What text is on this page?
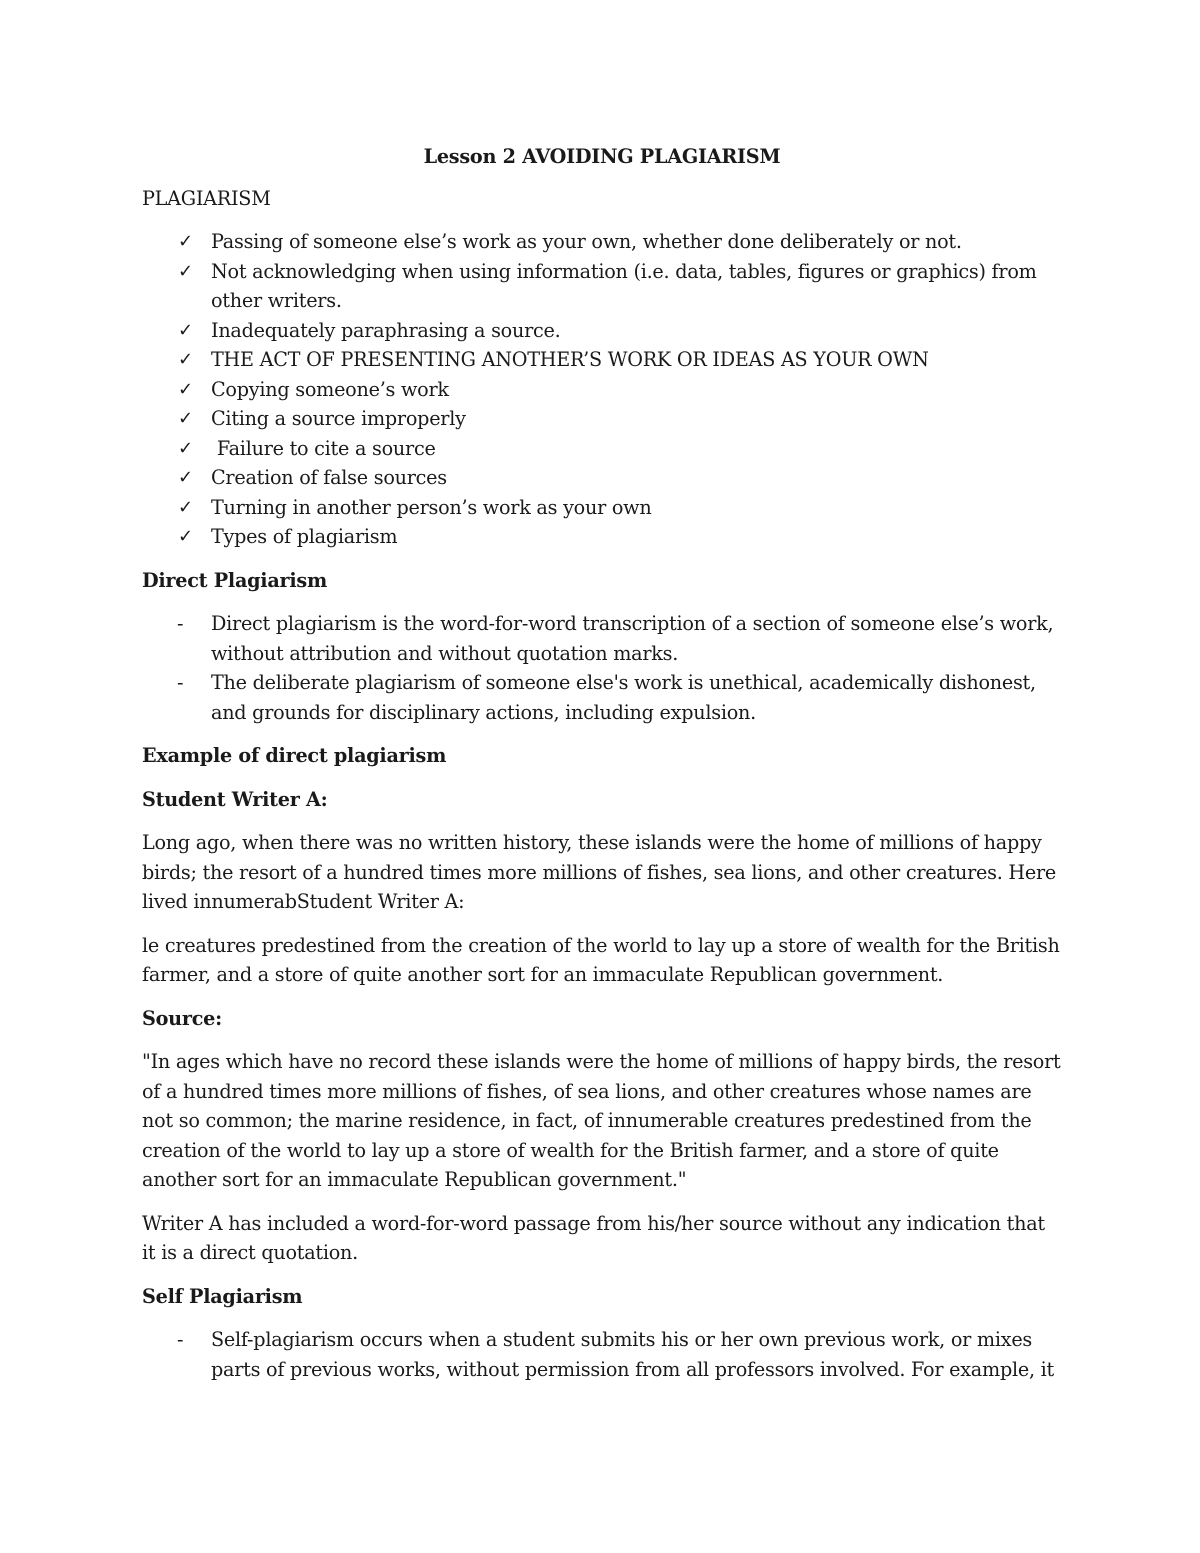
Lesson 2 AVOIDING PLAGIARISM
PLAGIARISM
✓ Passing of someone else’s work as your own, whether done deliberately or not.
✓ Not acknowledging when using information (i.e. data, tables, figures or graphics) from other writers.
✓ Inadequately paraphrasing a source.
✓ THE ACT OF PRESENTING ANOTHER’S WORK OR IDEAS AS YOUR OWN
✓ Copying someone’s work
✓ Citing a source improperly
✓ Failure to cite a source
✓ Creation of false sources
✓ Turning in another person’s work as your own
✓ Types of plagiarism
Direct Plagiarism
- Direct plagiarism is the word-for-word transcription of a section of someone else’s work, without attribution and without quotation marks.
- The deliberate plagiarism of someone else's work is unethical, academically dishonest, and grounds for disciplinary actions, including expulsion.
Example of direct plagiarism
Student Writer A:

Long ago, when there was no written history, these islands were the home of millions of happy birds; the resort of a hundred times more millions of fishes, sea lions, and other creatures. Here lived innumerabStudent Writer A:

le creatures predestined from the creation of the world to lay up a store of wealth for the British farmer, and a store of quite another sort for an immaculate Republican government.

Source:

"In ages which have no record these islands were the home of millions of happy birds, the resort of a hundred times more millions of fishes, of sea lions, and other creatures whose names are not so common; the marine residence, in fact, of innumerable creatures predestined from the creation of the world to lay up a store of wealth for the British farmer, and a store of quite another sort for an immaculate Republican government."

Writer A has included a word-for-word passage from his/her source without any indication that it is a direct quotation.

Self Plagiarism
- Self-plagiarism occurs when a student submits his or her own previous work, or mixes parts of previous works, without permission from all professors involved. For example, it
